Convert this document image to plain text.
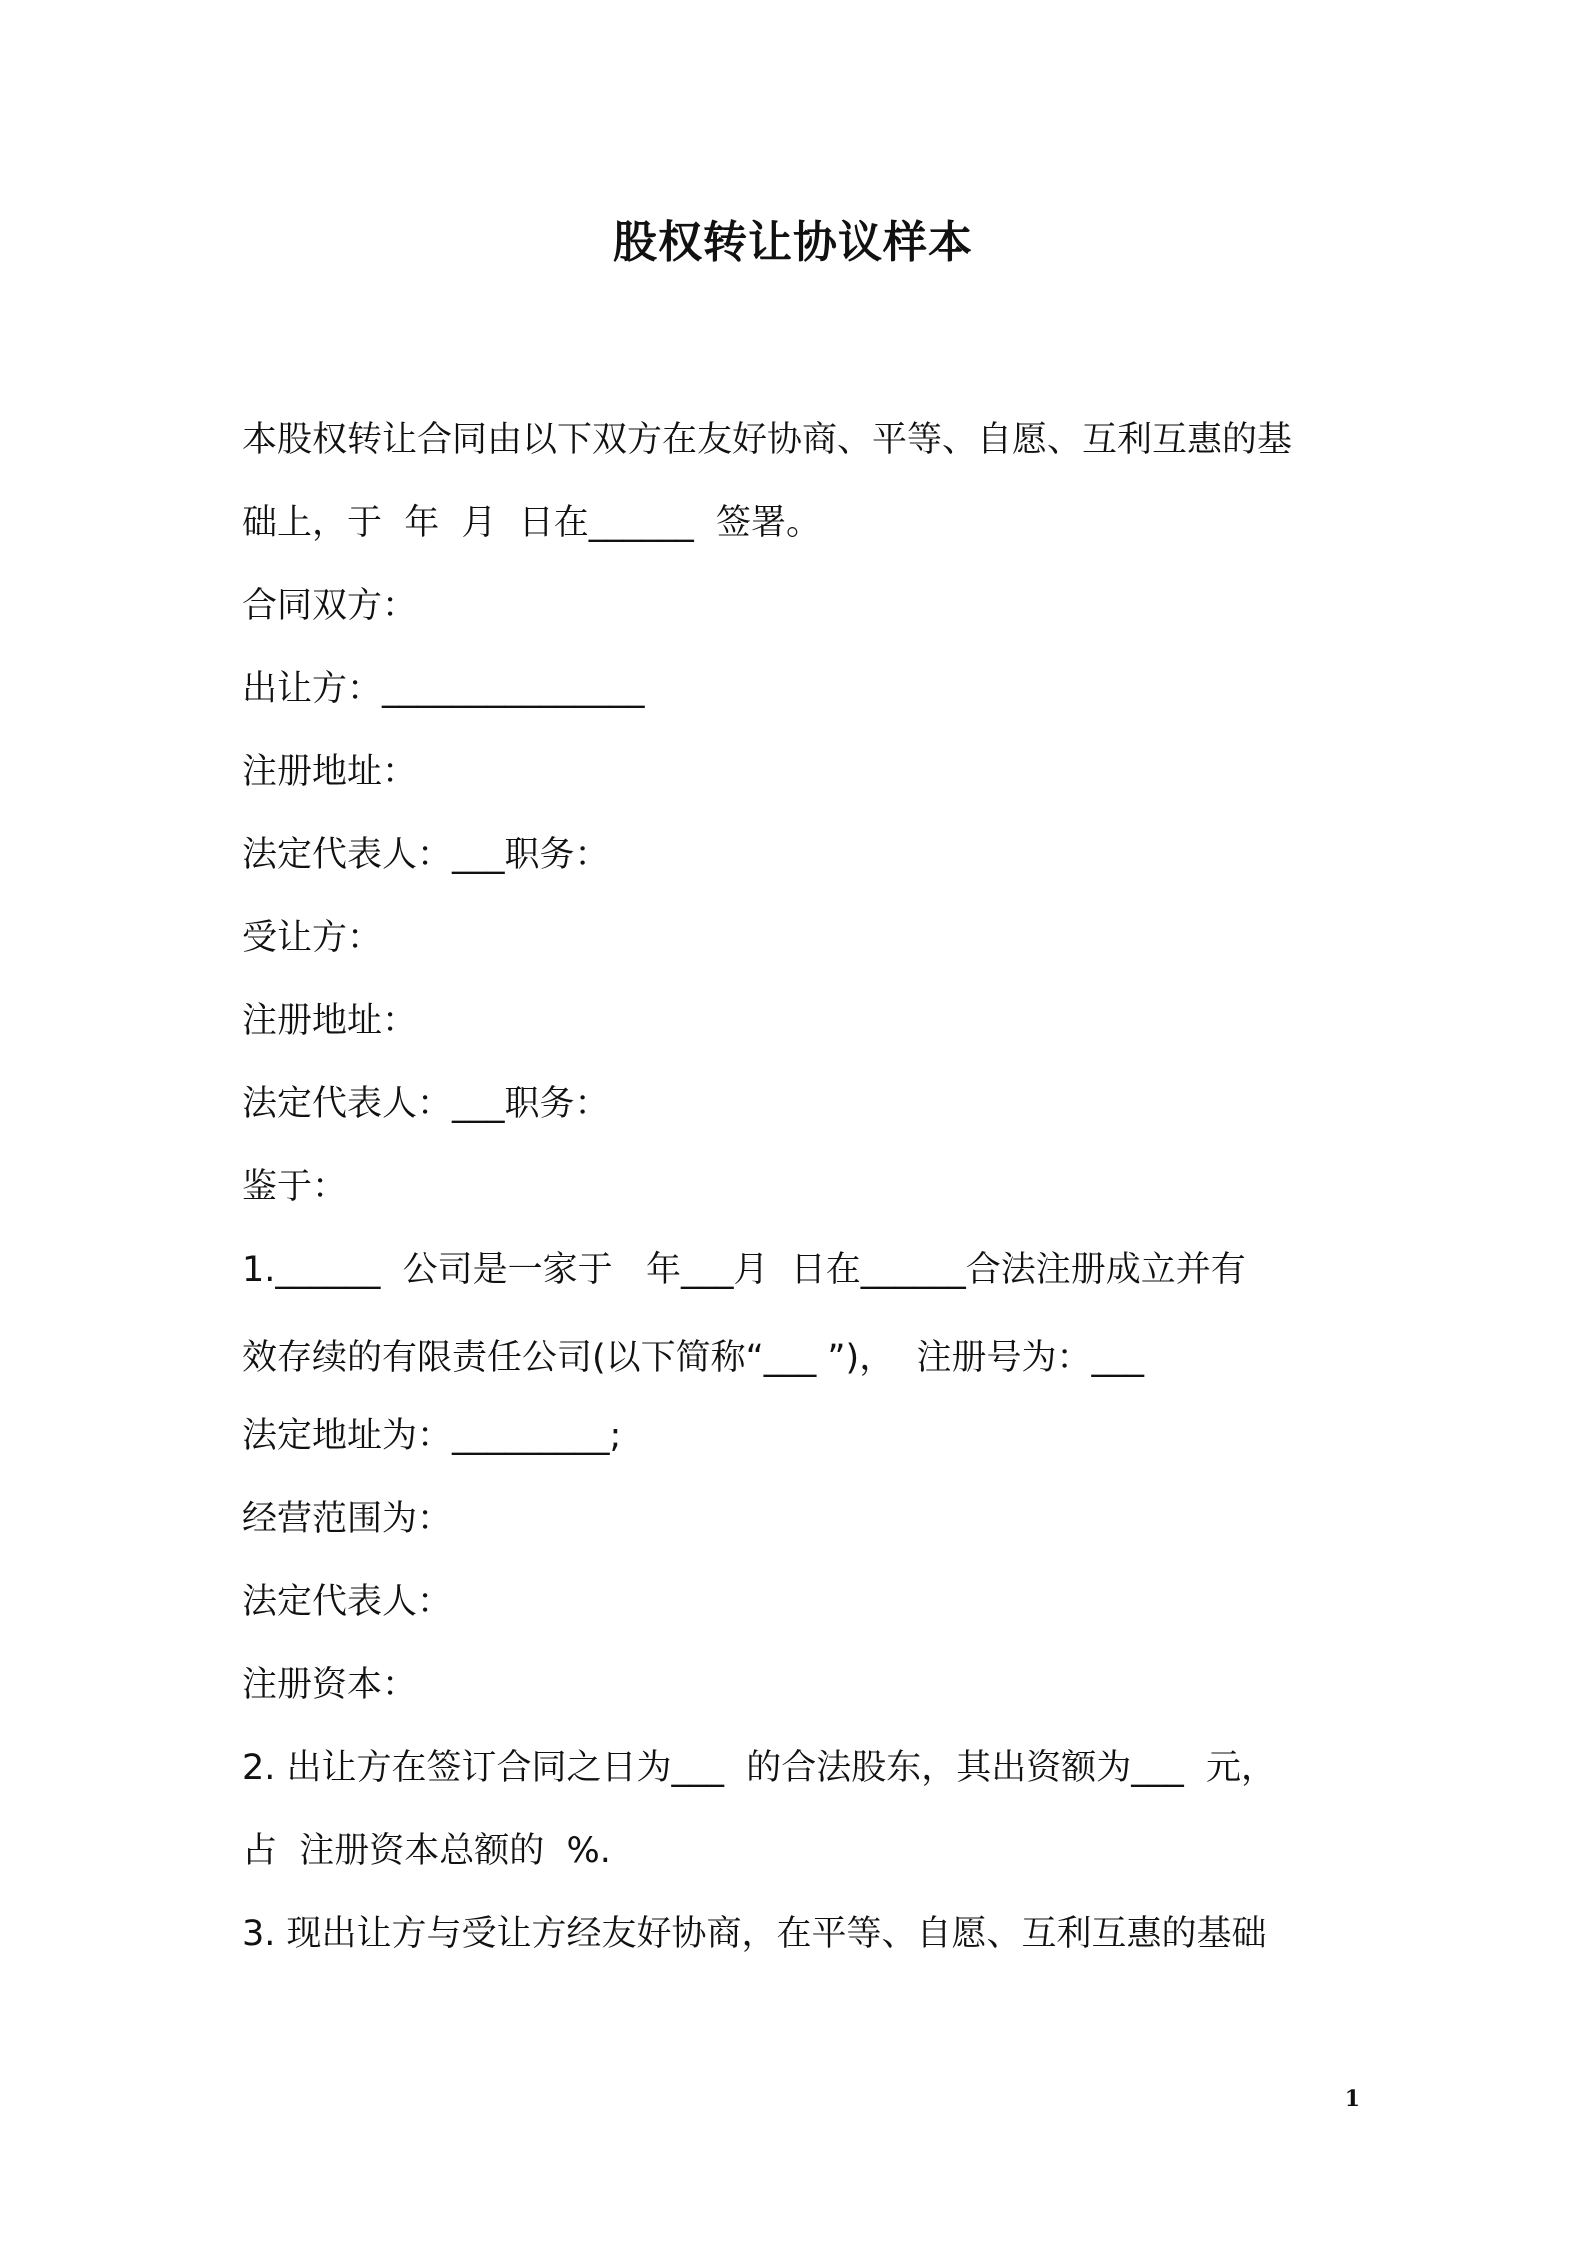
股权转让协议样本

本股权转让合同由以下双方在友好协商、平等、自愿、互利互惠的基

础上，于  年  月  日在______  签署。

合同双方：

出让方：_______________

注册地址：

法定代表人：___职务：

受让方：

注册地址：

法定代表人：___职务：

鉴于：

1.______  公司是一家于   年___月  日在______合法注册成立并有

效存续的有限责任公司(以下简称“___ ”)，  注册号为：___

法定地址为：_________;

经营范围为：

法定代表人：

注册资本：

2. 出让方在签订合同之日为___  的合法股东，其出资额为___  元，

占  注册资本总额的  %.

3. 现出让方与受让方经友好协商，在平等、自愿、互利互惠的基础

1
